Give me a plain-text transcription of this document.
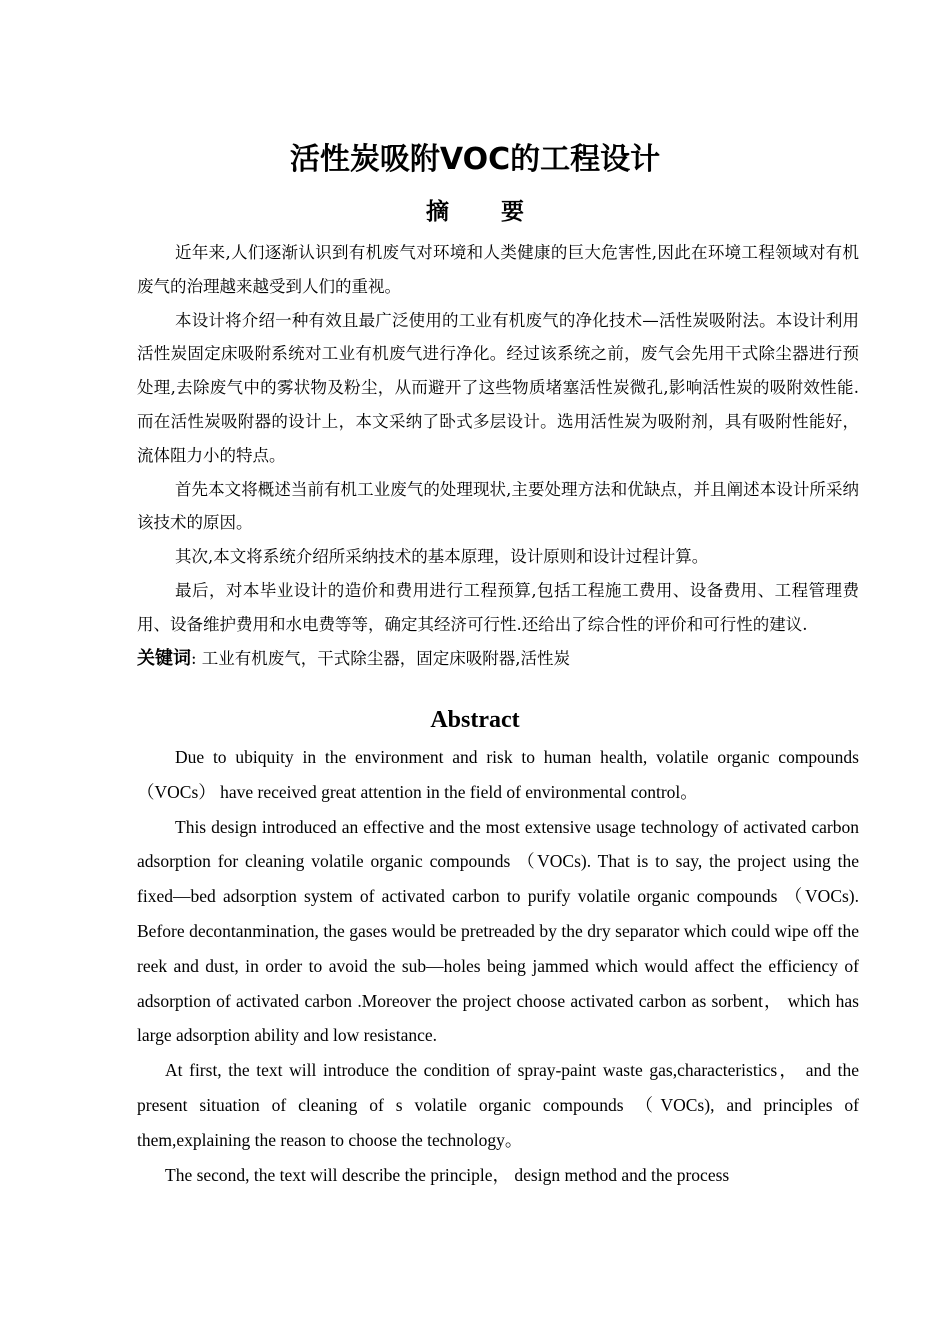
活性炭吸附VOC的工程设计
摘 要

近年来,人们逐渐认识到有机废气对环境和人类健康的巨大危害性,因此在环境工程领域对有机废气的治理越来越受到人们的重视。

本设计将介绍一种有效且最广泛使用的工业有机废气的净化技术—活性炭吸附法。本设计利用活性炭固定床吸附系统对工业有机废气进行净化。经过该系统之前，废气会先用干式除尘器进行预处理,去除废气中的雾状物及粉尘，从而避开了这些物质堵塞活性炭微孔,影响活性炭的吸附效性能.而在活性炭吸附器的设计上，本文采纳了卧式多层设计。选用活性炭为吸附剂，具有吸附性能好，流体阻力小的特点。

首先本文将概述当前有机工业废气的处理现状,主要处理方法和优缺点，并且阐述本设计所采纳该技术的原因。

其次,本文将系统介绍所采纳技术的基本原理，设计原则和设计过程计算。

最后，对本毕业设计的造价和费用进行工程预算,包括工程施工费用、设备费用、工程管理费用、设备维护费用和水电费等等，确定其经济可行性.还给出了综合性的评价和可行性的建议.

关键词: 工业有机废气，干式除尘器，固定床吸附器,活性炭

Abstract

Due to ubiquity in the environment and risk to human health, volatile organic compounds （VOCs） have received great attention in the field of environmental control。

This design introduced an effective and the most extensive usage technology of activated carbon adsorption for cleaning volatile organic compounds （VOCs). That is to say, the project using the fixed—bed adsorption system of activated carbon to purify volatile organic compounds （VOCs). Before decontanmination, the gases would be pretreaded by the dry separator which could wipe off the reek and dust, in order to avoid the sub—holes being jammed which would affect the efficiency of adsorption of activated carbon .Moreover the project choose activated carbon as sorbent， which has large adsorption ability and low resistance.

At first, the text will introduce the condition of spray-paint waste gas,characteristics， and the present situation of cleaning of s volatile organic compounds （VOCs), and principles of them,explaining the reason to choose the technology。

The second, the text will describe the principle， design method and the process
